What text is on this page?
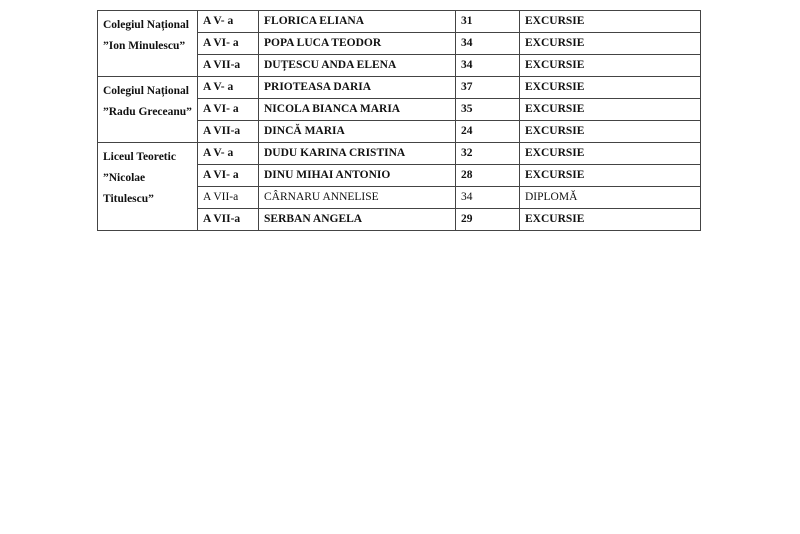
Colegiul Național
”Ion Minulescu”	A V- a	FLORICA ELIANA	31	EXCURSIE
	A VI- a	POPA LUCA TEODOR	34	EXCURSIE
	A VII-a	DUȚESCU ANDA ELENA	34	EXCURSIE

Colegiul Național
”Radu Greceanu”	A V- a	PRIOTEASA DARIA	37	EXCURSIE
	A VI- a	NICOLA BIANCA MARIA	35	EXCURSIE
	A VII-a	DINCĂ MARIA	24	EXCURSIE

Liceul Teoretic
”Nicolae
Titulescu”	A V- a	DUDU KARINA CRISTINA	32	EXCURSIE
	A VI- a	DINU MIHAI ANTONIO	28	EXCURSIE
	A VII-a	CÂRNARU ANNELISE	34	DIPLOMĂ
	A VII-a	SERBAN ANGELA	29	EXCURSIE
